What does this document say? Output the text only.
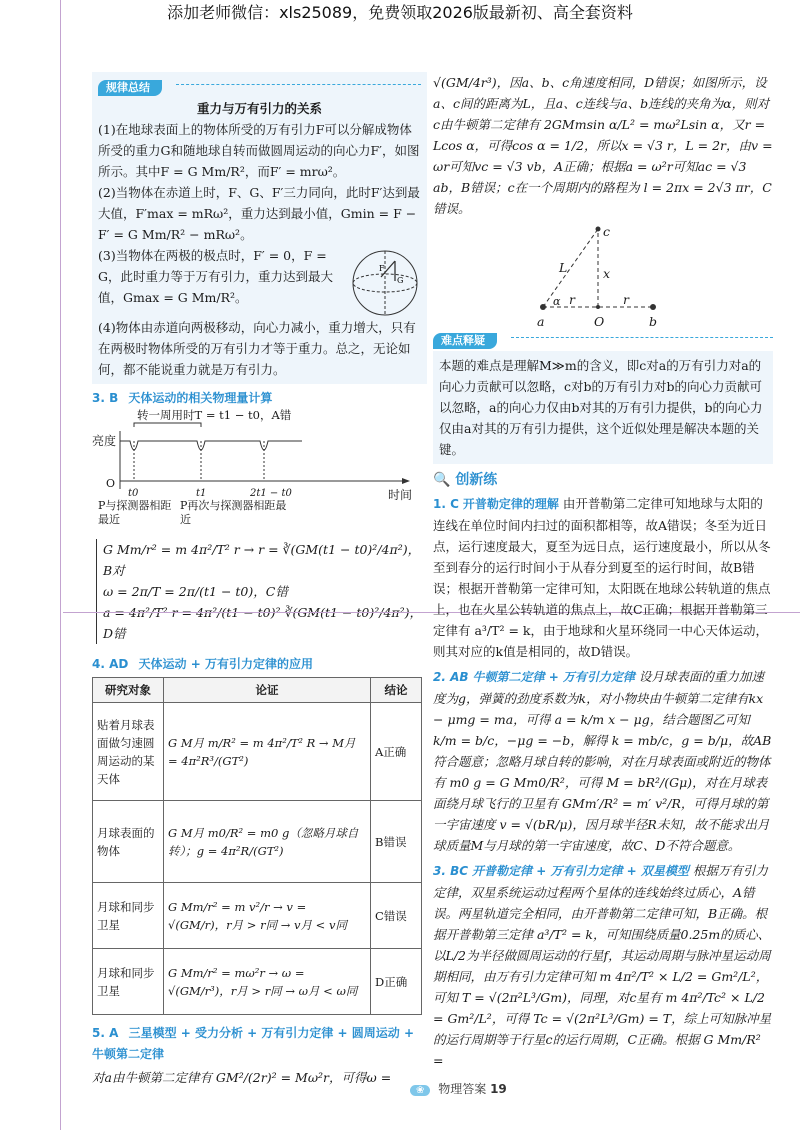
添加老师微信：xls25089，免费领取2026版最新初、高全套资料
规律总结
重力与万有引力的关系

(1)在地球表面上的物体所受的万有引力F可以分解成物体所受的重力G和随地球自转而做圆周运动的向心力F′，如图所示。其中F = G Mm/R²，而F′ = mrω²。

(2)当物体在赤道上时，F、G、F′三力同向，此时F′达到最大值，F′max = mRω²，重力达到最小值，Gmin = F − F′ = G Mm/R² − mRω²。

(3)当物体在两极的极点时，F′ = 0，F = G，此时重力等于万有引力，重力达到最大值，Gmax = G Mm/R²。

F
G

(4)物体由赤道向两极移动，向心力减小，重力增大，只有在两极时物体所受的万有引力才等于重力。总之，无论如何，都不能说重力就是万有引力。

3. B 天体运动的相关物理量计算
转一周用时T = t1 − t0，A错
亮度
O
时间
t0	t1	2t1 − t0
P与探测器相距最近
P再次与探测器相距最近

G Mm/r² = m 4π²/T² r → r = ∛(GM(t1 − t0)²/4π²)，B对

ω = 2π/T = 2π/(t1 − t0)，C错

a = 4π²/T² r = 4π²/(t1 − t0)² ∛(GM(t1 − t0)²/4π²)，D错

4. AD 天体运动 + 万有引力定律的应用
研究对象	论证	结论
贴着月球表面做匀速圆周运动的某天体	G M月 m/R² = m 4π²/T² R → M月 = 4π²R³/(GT²)	A正确
月球表面的物体	G M月 m0/R² = m0 g（忽略月球自转）；g = 4π²R/(GT²)	B错误
月球和同步卫星	G Mm/r² = m v²/r → v = √(GM/r)，r月 > r同 → v月 < v同	C错误
月球和同步卫星	G Mm/r² = mω²r → ω = √(GM/r³)，r月 > r同 → ω月 < ω同	D正确
5. A 三星模型 + 受力分析 + 万有引力定律 + 圆周运动 + 牛顿第二定律

对a由牛顿第二定律有 GM²/(2r)² = Mω²r，可得ω =

√(GM/4r³)，因a、b、c角速度相同，D错误；如图所示，设a、c间的距离为L，且a、c连线与a、b连线的夹角为α，则对c由牛顿第二定律有 2GMmsin α/L² = mω²Lsin α，又r = Lcos α，可得cos α = 1/2，所以x = √3 r，L = 2r，由v = ωr可知vc = √3 vb，A正确；根据a = ω²r可知ac = √3 ab，B错误；c在一个周期内的路程为 l = 2πx = 2√3 πr，C错误。

c
L	x
α r	r
a	O	b
难点释疑

本题的难点是理解M≫m的含义，即c对a的万有引力对a的向心力贡献可以忽略，c对b的万有引力对b的向心力贡献可以忽略，a的向心力仅由b对其的万有引力提供，b的向心力仅由a对其的万有引力提供，这个近似处理是解决本题的关键。

🔍 创新练

1. C 开普勒定律的理解 由开普勒第二定律可知地球与太阳的连线在单位时间内扫过的面积都相等，故A错误；冬至为近日点，运行速度最大，夏至为远日点，运行速度最小，所以从冬至到春分的运行时间小于从春分到夏至的运行时间，故B错误；根据开普勒第一定律可知，太阳既在地球公转轨道的焦点上，也在火星公转轨道的焦点上，故C正确；根据开普勒第三定律有 a³/T² = k，由于地球和火星环绕同一中心天体运动，则其对应的k值是相同的，故D错误。

2. AB 牛顿第二定律 + 万有引力定律 设月球表面的重力加速度为g，弹簧的劲度系数为k，对小物块由牛顿第二定律有kx − μmg = ma，可得 a = k/m x − μg，结合题图乙可知 k/m = b/c，−μg = −b，解得 k = mb/c，g = b/μ，故AB符合题意；忽略月球自转的影响，对在月球表面或附近的物体有 m0 g = G Mm0/R²，可得 M = bR²/(Gμ)，对在月球表面绕月球飞行的卫星有 GMm′/R² = m′ v²/R，可得月球的第一宇宙速度 v = √(bR/μ)，因月球半径R未知，故不能求出月球质量M与月球的第一宇宙速度，故C、D不符合题意。

3. BC 开普勒定律 + 万有引力定律 + 双星模型 根据万有引力定律，双星系统运动过程两个星体的连线始终过质心，A错误。两星轨道完全相同，由开普勒第二定律可知，B正确。根据开普勒第三定律 a³/T² = k，可知围绕质量0.25m的质心、以L/2为半径做圆周运动的行星f，其运动周期与脉冲星运动周期相同，由万有引力定律可知 m 4π²/T² × L/2 = Gm²/L²，可知 T = √(2π²L³/Gm)，同理，对c星有 m 4π²/Tc² × L/2 = Gm²/L²，可得 Tc = √(2π²L³/Gm) = T，综上可知脉冲星的运行周期等于行星c的运行周期，C正确。根据 G Mm/R² =

❀ 物理答案 19
